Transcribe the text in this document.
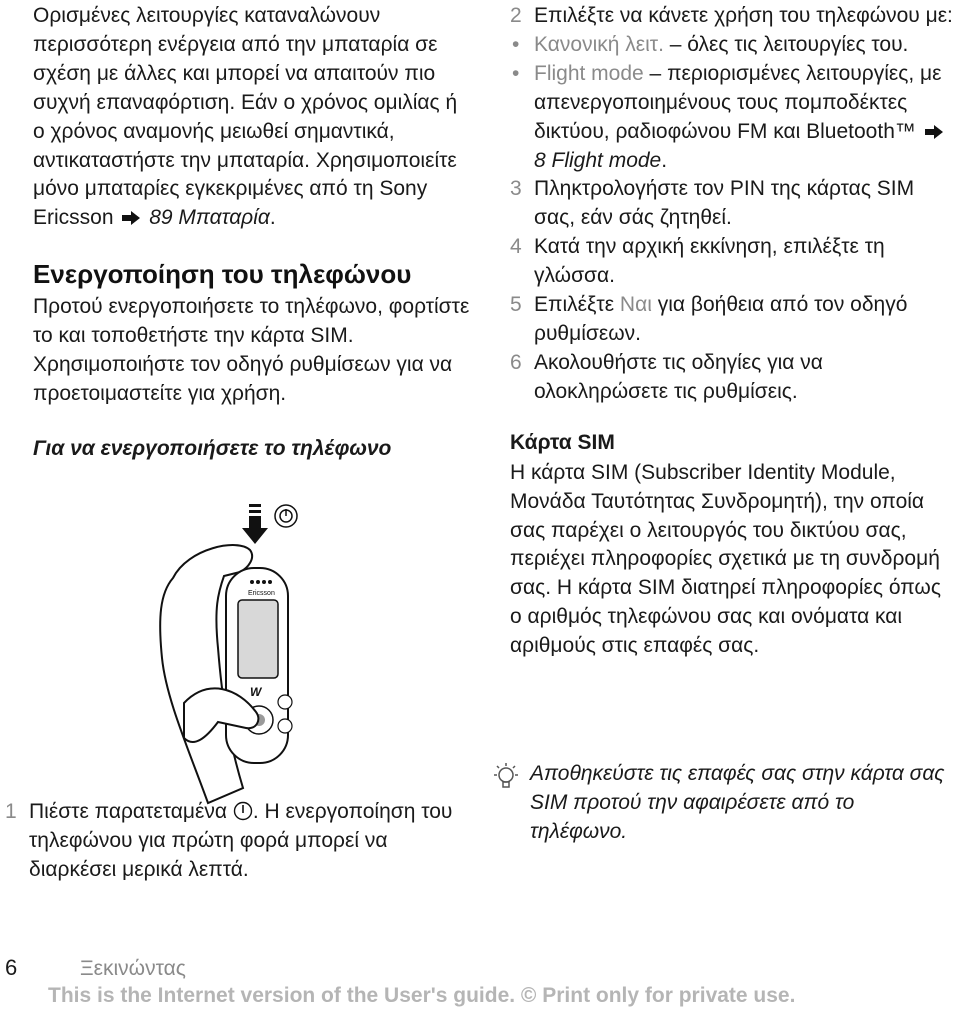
Ορισμένες λειτουργίες καταναλώνουν περισσότερη ενέργεια από την μπαταρία σε σχέση με άλλες και μπορεί να απαιτούν πιο συχνή επαναφόρτιση. Εάν ο χρόνος ομιλίας ή ο χρόνος αναμονής μειωθεί σημαντικά, αντικαταστήστε την μπαταρία. Χρησιμοποιείτε μόνο μπαταρίες εγκεκριμένες από τη Sony Ericsson 89 Μπαταρία.

Ενεργοποίηση του τηλεφώνου

Προτού ενεργοποιήσετε το τηλέφωνο, φορτίστε το και τοποθετήστε την κάρτα SIM. Χρησιμοποιήστε τον οδηγό ρυθμίσεων για να προετοιμαστείτε για χρήση.

Για να ενεργοποιήσετε το τηλέφωνο
Ericsson
W

1 Πιέστε παρατεταμένα . Η ενεργοποίηση του τηλεφώνου για πρώτη φορά μπορεί να διαρκέσει μερικά λεπτά.

2 Επιλέξτε να κάνετε χρήση του τηλεφώνου με:

• Κανονική λειτ. – όλες τις λειτουργίες του.

• Flight mode – περιορισμένες λειτουργίες, με απενεργοποιημένους τους πομποδέκτες δικτύου, ραδιοφώνου FM και Bluetooth™ 8 Flight mode.

3 Πληκτρολογήστε τον PIN της κάρτας SIM σας, εάν σάς ζητηθεί.

4 Κατά την αρχική εκκίνηση, επιλέξτε τη γλώσσα.

5 Επιλέξτε Ναι για βοήθεια από τον οδηγό ρυθμίσεων.

6 Ακολουθήστε τις οδηγίες για να ολοκληρώσετε τις ρυθμίσεις.

Κάρτα SIM

Η κάρτα SIM (Subscriber Identity Module, Μονάδα Ταυτότητας Συνδρομητή), την οποία σας παρέχει ο λειτουργός του δικτύου σας, περιέχει πληροφορίες σχετικά με τη συνδρομή σας. Η κάρτα SIM διατηρεί πληροφορίες όπως ο αριθμός τηλεφώνου σας και ονόματα και αριθμούς στις επαφές σας.

Αποθηκεύστε τις επαφές σας στην κάρτα σας SIM προτού την αφαιρέσετε από το τηλέφωνο.
6	Ξεκινώντας
This is the Internet version of the User's guide. © Print only for private use.
